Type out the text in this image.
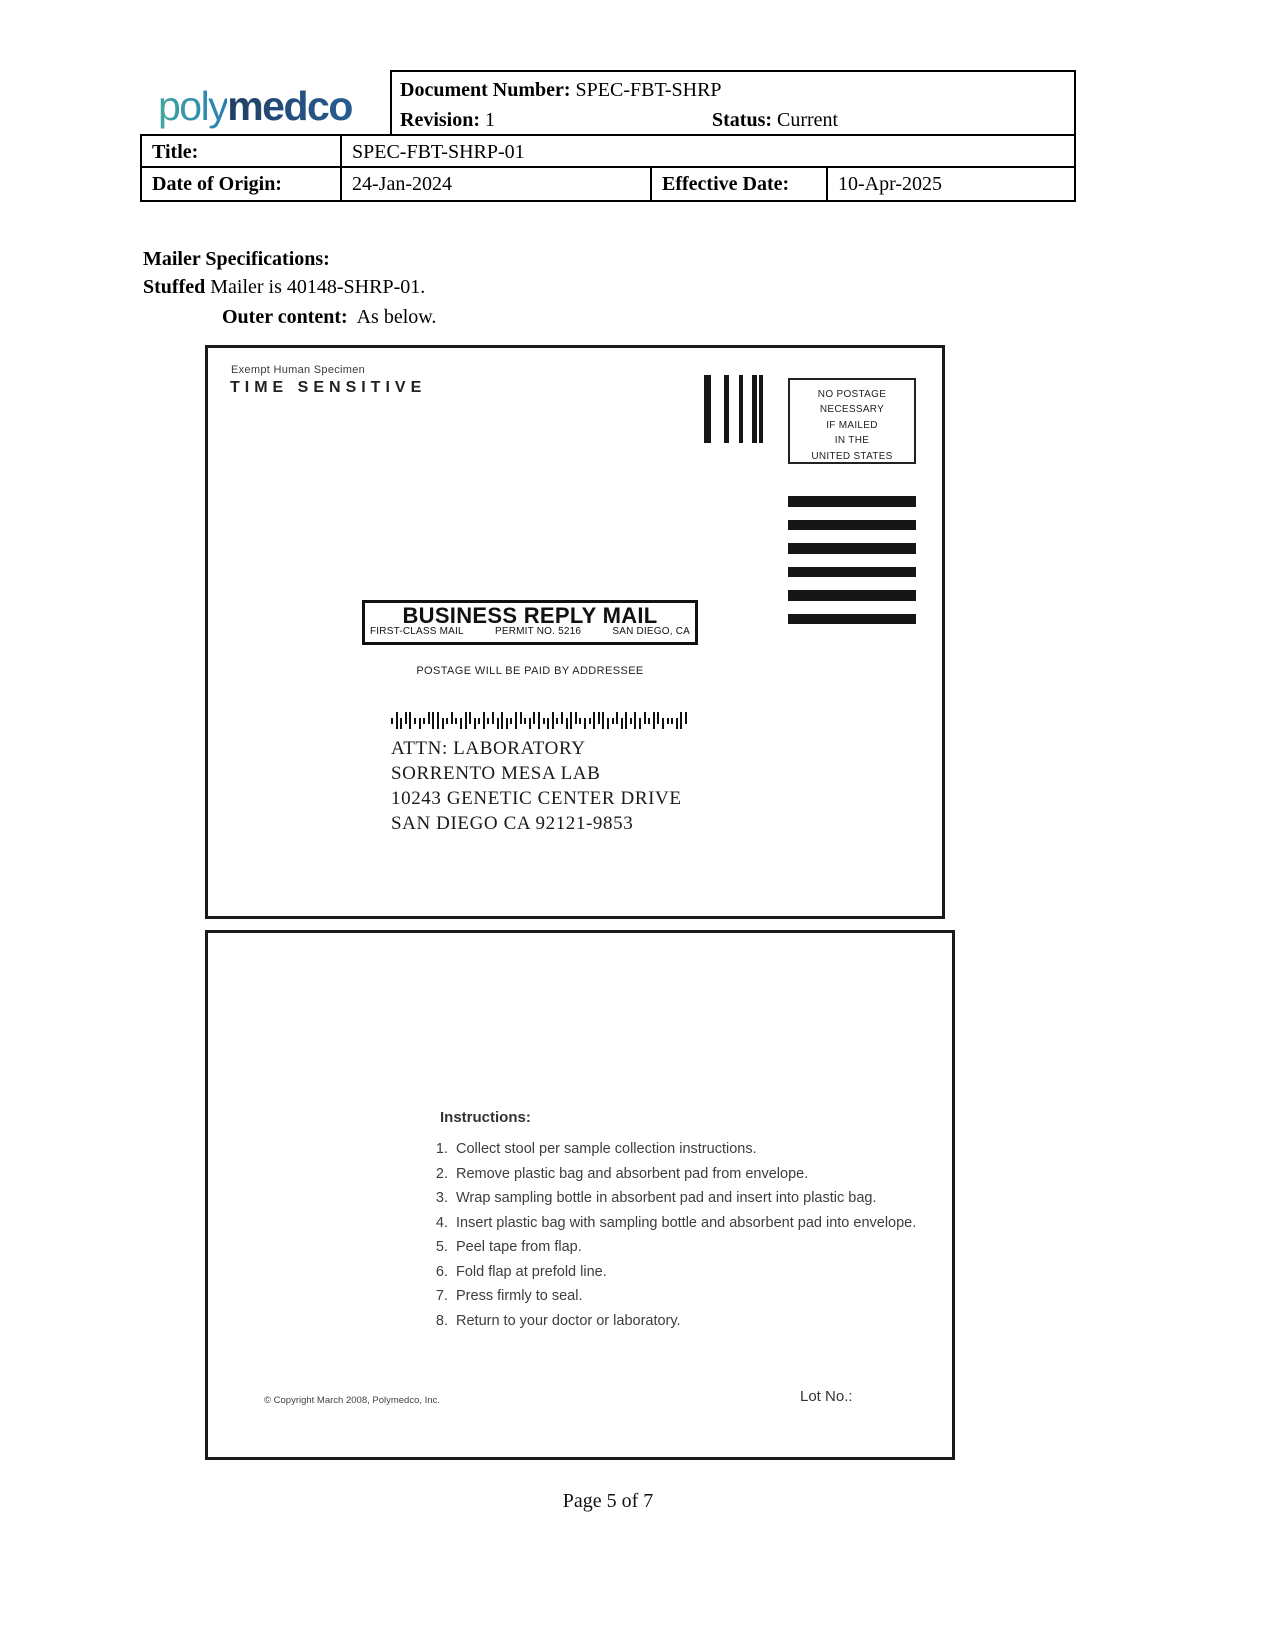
polymedco Document Number: SPEC-FBT-SHRP
Revision: 1	Status: Current
Title:	SPEC-FBT-SHRP-01
Date of Origin:	24-Jan-2024	Effective Date:	10-Apr-2025
Mailer Specifications:
Stuffed Mailer is 40148-SHRP-01.
Outer content:  As below.
Exempt Human Specimen
TIME SENSITIVE	NO POSTAGE
NECESSARY
IF MAILED
IN THE
UNITED STATES
BUSINESS REPLY MAIL
FIRST-CLASS MAIL	PERMIT NO. 5216	SAN DIEGO, CA
POSTAGE WILL BE PAID BY ADDRESSEE
ATTN: LABORATORY
SORRENTO MESA LAB
10243 GENETIC CENTER DRIVE
SAN DIEGO CA 92121-9853
Instructions:
1. Collect stool per sample collection instructions.
2. Remove plastic bag and absorbent pad from envelope.
3. Wrap sampling bottle in absorbent pad and insert into plastic bag.
4. Insert plastic bag with sampling bottle and absorbent pad into envelope.
5. Peel tape from flap.
6. Fold flap at prefold line.
7. Press firmly to seal.
8. Return to your doctor or laboratory.
© Copyright March 2008, Polymedco, Inc.	Lot No.:
Page 5 of 7
